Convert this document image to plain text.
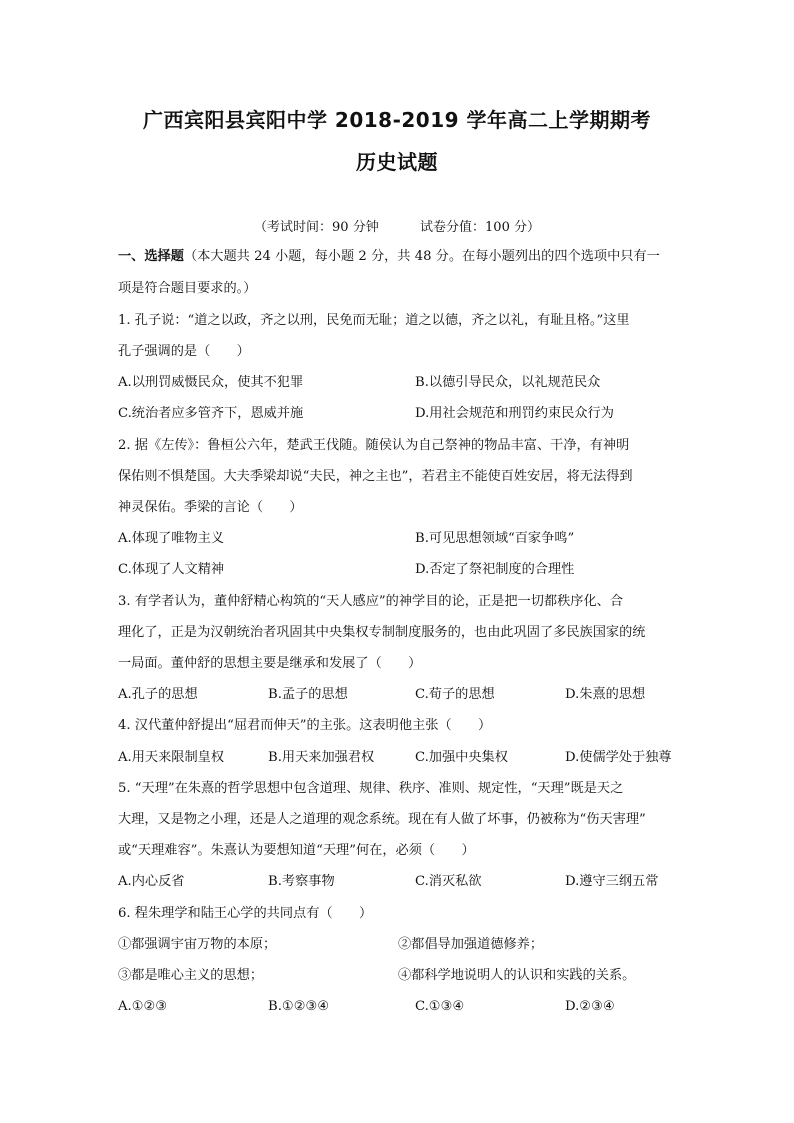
广西宾阳县宾阳中学 2018-2019 学年高二上学期期考
历史试题
（考试时间：90 分钟	试卷分值：100 分）
一、选择题（本大题共 24 小题，每小题 2 分，共 48 分。在每小题列出的四个选项中只有一
项是符合题目要求的。）
1. 孔子说：“道之以政，齐之以刑，民免而无耻；道之以德，齐之以礼，有耻且格。”这里
孔子强调的是（　　）
A.以刑罚威慑民众，使其不犯罪	B.以德引导民众，以礼规范民众
C.统治者应多管齐下，恩威并施	D.用社会规范和刑罚约束民众行为
2. 据《左传》：鲁桓公六年，楚武王伐随。随侯认为自己祭神的物品丰富、干净，有神明
保佑则不惧楚国。大夫季梁却说“夫民，神之主也”，若君主不能使百姓安居，将无法得到
神灵保佑。季梁的言论（　　）
A.体现了唯物主义	B.可见思想领域“百家争鸣”
C.体现了人文精神	D.否定了祭祀制度的合理性
3. 有学者认为，董仲舒精心构筑的“天人感应”的神学目的论，正是把一切都秩序化、合
理化了，正是为汉朝统治者巩固其中央集权专制制度服务的，也由此巩固了多民族国家的统
一局面。董仲舒的思想主要是继承和发展了（　　）
A.孔子的思想	B.孟子的思想	C.荀子的思想	D.朱熹的思想
4. 汉代董仲舒提出“屈君而伸天”的主张。这表明他主张（　　）
A.用天来限制皇权	B.用天来加强君权	C.加强中央集权	D.使儒学处于独尊
5. “天理”在朱熹的哲学思想中包含道理、规律、秩序、准则、规定性，“天理”既是天之
大理，又是物之小理，还是人之道理的观念系统。现在有人做了坏事，仍被称为“伤天害理”
或“天理难容”。朱熹认为要想知道“天理”何在，必须（　　）
A.内心反省	B.考察事物	C.消灭私欲	D.遵守三纲五常
6. 程朱理学和陆王心学的共同点有（　　）
①都强调宇宙万物的本原；	②都倡导加强道德修养；
③都是唯心主义的思想；	④都科学地说明人的认识和实践的关系。
A.①②③	B.①②③④	C.①③④	D.②③④
